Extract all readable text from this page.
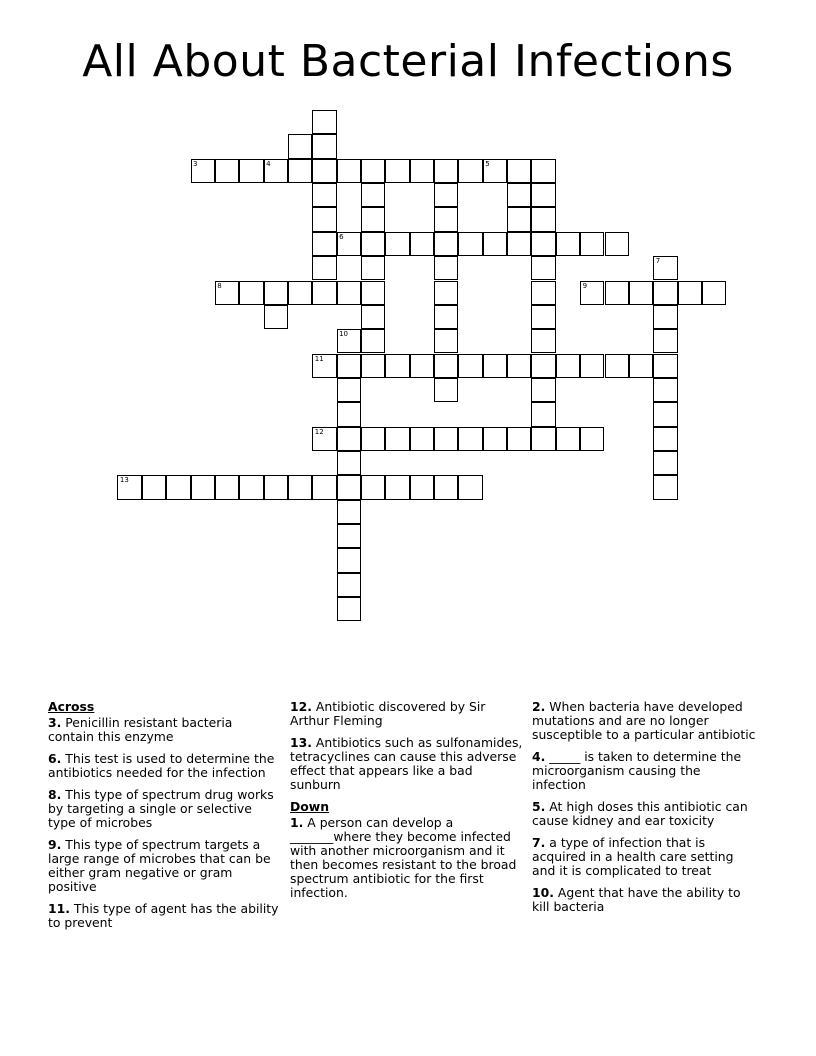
All About Bacterial Infections
3	4	5
6
7
8	9
10
11
12
13
Across
3. Penicillin resistant bacteria contain this enzyme
6. This test is used to determine the antibiotics needed for the infection
8. This type of spectrum drug works by targeting a single or selective type of microbes
9. This type of spectrum targets a large range of microbes that can be either gram negative or gram positive
11. This type of agent has the ability to prevent
12. Antibiotic discovered by Sir Arthur Fleming
13. Antibiotics such as sulfonamides, tetracyclines can cause this adverse effect that appears like a bad sunburn
Down
1. A person can develop a _______where they become infected with another microorganism and it then becomes resistant to the broad spectrum antibiotic for the first infection.
2. When bacteria have developed mutations and are no longer susceptible to a particular antibiotic
4. _____ is taken to determine the microorganism causing the infection
5. At high doses this antibiotic can cause kidney and ear toxicity
7. a type of infection that is acquired in a health care setting and it is complicated to treat
10. Agent that have the ability to kill bacteria
